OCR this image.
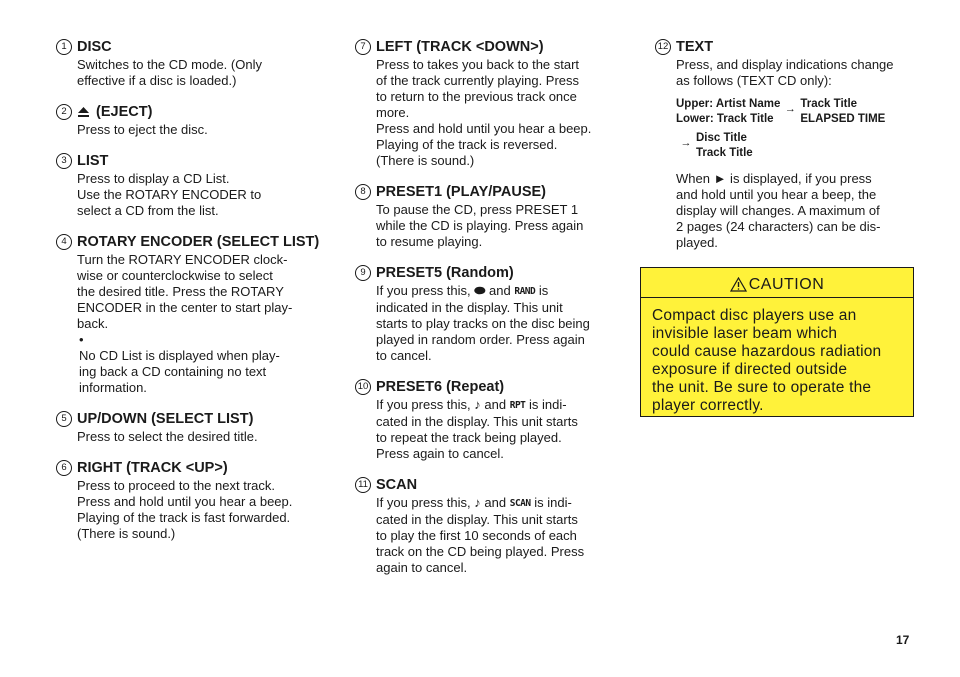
1 DISC
Switches to the CD mode. (Only
effective if a disc is loaded.)
2	(EJECT)
Press to eject the disc.
3 LIST
Press to display a CD List.
Use the ROTARY ENCODER to
select a CD from the list.
4 ROTARY ENCODER (SELECT LIST)
Turn the ROTARY ENCODER clock-
wise or counterclockwise to select
the desired title. Press the ROTARY
ENCODER in the center to start play-
back.
•
No CD List is displayed when play-
ing back a CD containing no text
information.
5 UP/DOWN (SELECT LIST)
Press to select the desired title.
6 RIGHT (TRACK <UP>)
Press to proceed to the next track.
Press and hold until you hear a beep.
Playing of the track is fast forwarded.
(There is sound.)
7 LEFT (TRACK <DOWN>)
Press to takes you back to the start
of the track currently playing. Press
to return to the previous track once
more.
Press and hold until you hear a beep.
Playing of the track is reversed.
(There is sound.)
8 PRESET1 (PLAY/PAUSE)
To pause the CD, press PRESET 1
while the CD is playing. Press again
to resume playing.
9 PRESET5 (Random)
If you press this, ⬬ and RAND is
indicated in the display. This unit
starts to play tracks on the disc being
played in random order. Press again
to cancel.
10 PRESET6 (Repeat)
If you press this, ♪ and RPT is indi-
cated in the display. This unit starts
to repeat the track being played.
Press again to cancel.
11 SCAN
If you press this, ♪ and SCAN is indi-
cated in the display. This unit starts
to play the first 10 seconds of each
track on the CD being played. Press
again to cancel.
12 TEXT
Press, and display indications change
as follows (TEXT CD only):
Upper: Artist Name
Lower: Track Title
→ Track Title
ELAPSED TIME
→ Disc Title
Track Title
When ► is displayed, if you press
and hold until you hear a beep, the
display will changes. A maximum of
2 pages (24 characters) can be dis-
played.
CAUTION
Compact disc players use an
invisible laser beam which
could cause hazardous radiation
exposure if directed outside
the unit. Be sure to operate the
player correctly.
17
